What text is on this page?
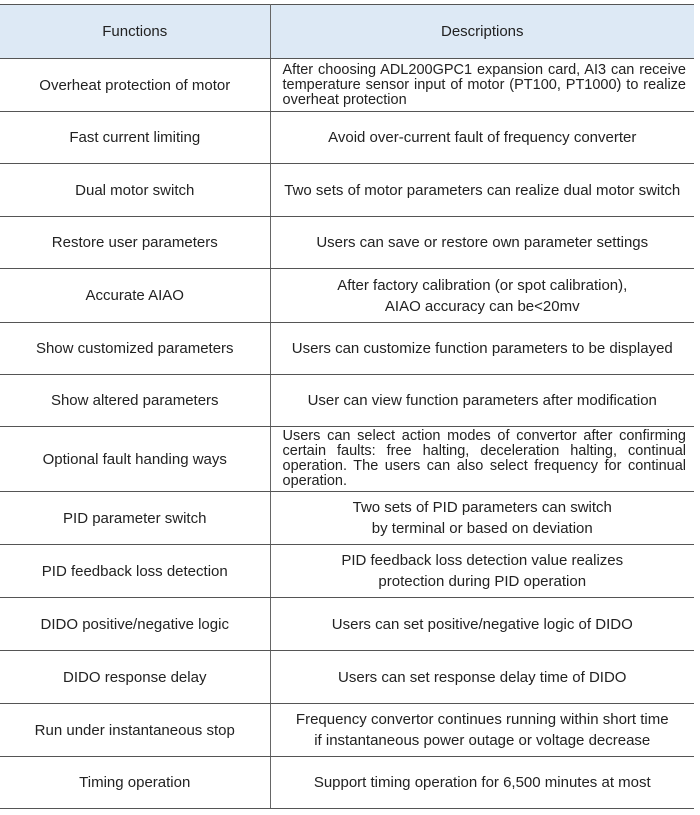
Functions	Descriptions
Overheat protection of motor	After choosing ADL200GPC1 expansion card, AI3 can receive temperature sensor input of motor (PT100, PT1000) to realize overheat protection
Fast current limiting	Avoid over-current fault of frequency converter
Dual motor switch	Two sets of motor parameters can realize dual motor switch
Restore user parameters	Users can save or restore own parameter settings
Accurate AIAO	After factory calibration (or spot calibration),
AIAO accuracy can be<20mv

Show customized parameters	Users can customize function parameters to be displayed
Show altered parameters	User can view function parameters after modification
Optional fault handing ways	Users can select action modes of convertor after confirming certain faults: free halting, deceleration halting, continual operation. The users can also select frequency for continual operation.
PID parameter switch	Two sets of PID parameters can switch
by terminal or based on deviation

PID feedback loss detection	PID feedback loss detection value realizes
protection during PID operation

DIDO positive/negative logic	Users can set positive/negative logic of DIDO
DIDO response delay	Users can set response delay time of DIDO
Run under instantaneous stop	Frequency convertor continues running within short time
if instantaneous power outage or voltage decrease

Timing operation	Support timing operation for 6,500 minutes at most
